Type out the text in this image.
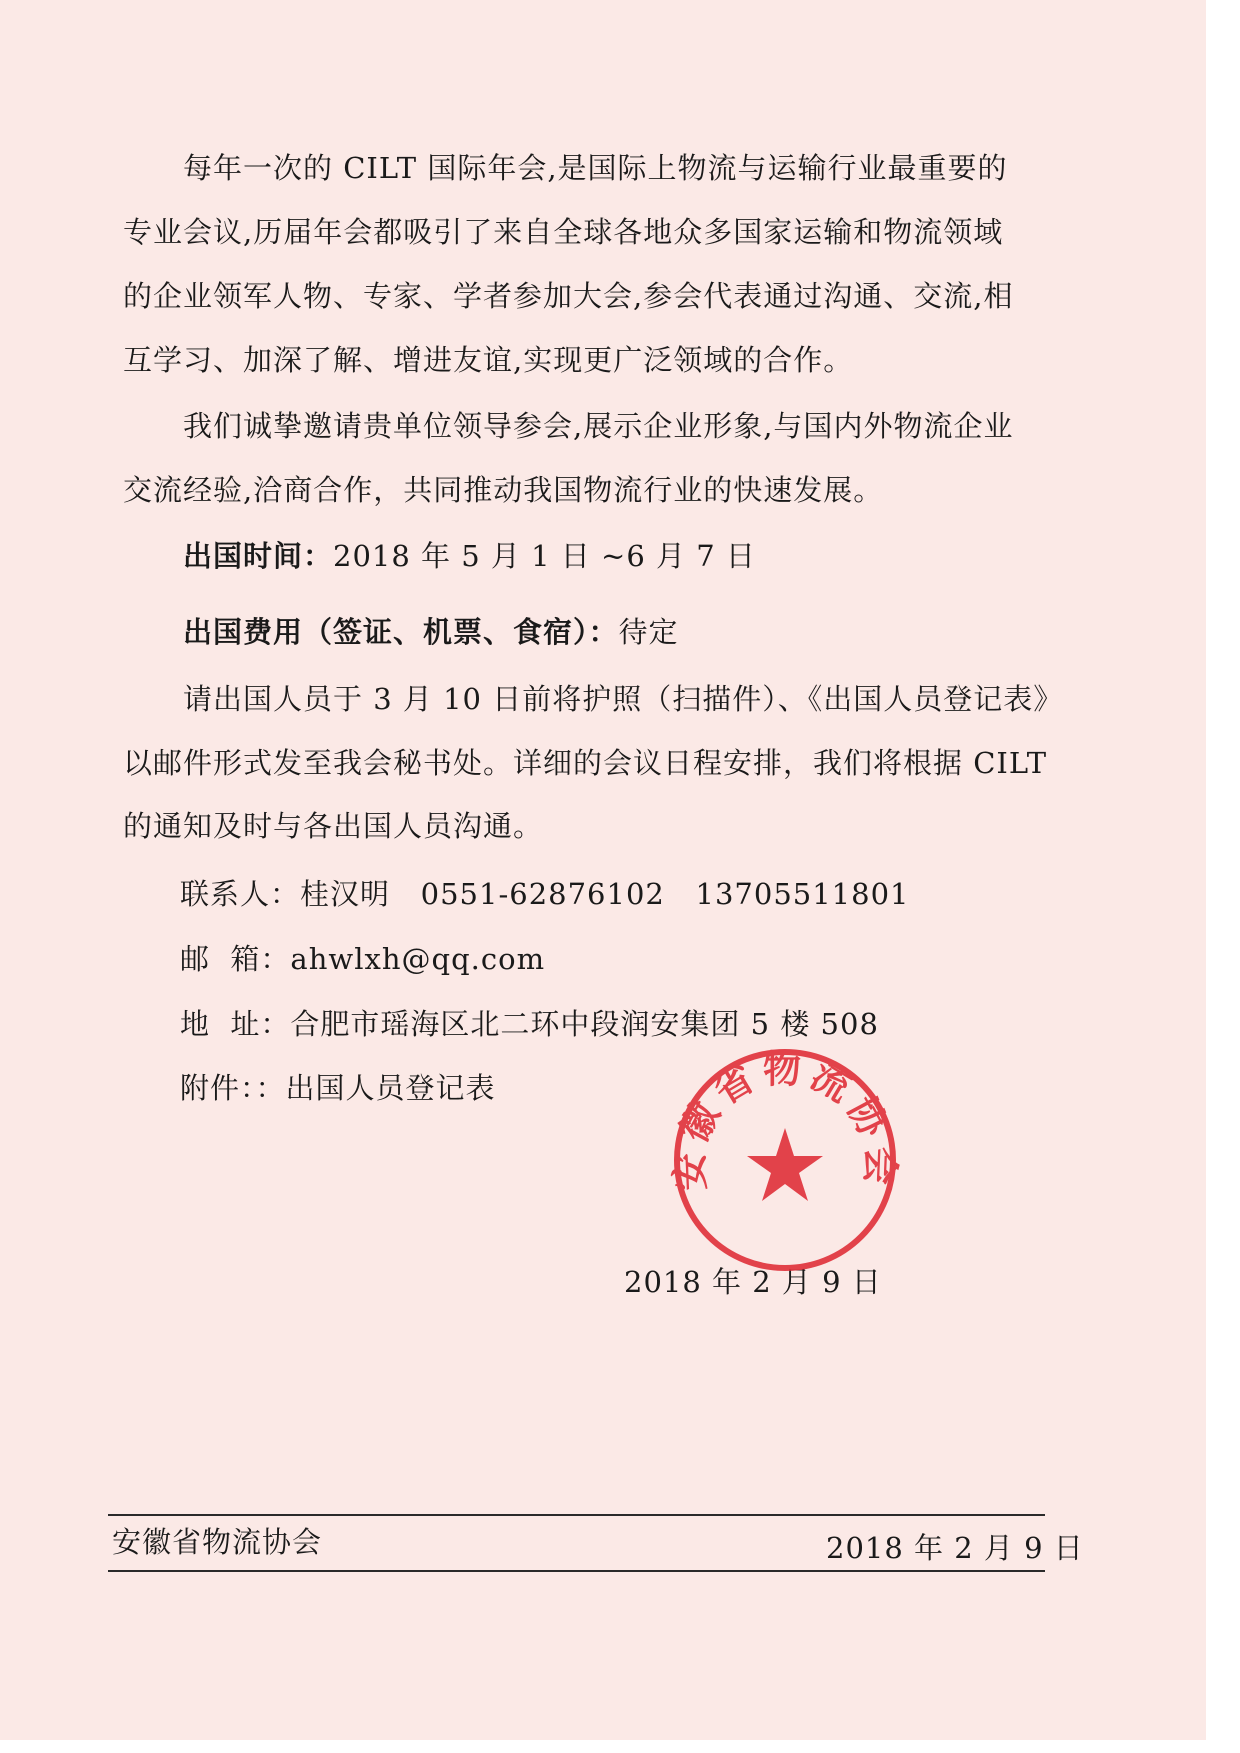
每年一次的 CILT 国际年会,是国际上物流与运输行业最重要的
专业会议,历届年会都吸引了来自全球各地众多国家运输和物流领域
的企业领军人物、专家、学者参加大会,参会代表通过沟通、交流,相
互学习、加深了解、增进友谊,实现更广泛领域的合作。
我们诚挚邀请贵单位领导参会,展示企业形象,与国内外物流企业
交流经验,洽商合作，共同推动我国物流行业的快速发展。
出国时间：2018 年 5 月 1 日 ~6 月 7 日
出国费用（签证、机票、食宿）：待定
请出国人员于 3 月 10 日前将护照（扫描件）、《出国人员登记表》
以邮件形式发至我会秘书处。详细的会议日程安排，我们将根据 CILT
的通知及时与各出国人员沟通。
联系人：桂汉明   0551-62876102   13705511801
邮  箱：ahwlxh@qq.com
地  址：合肥市瑶海区北二环中段润安集团 5 楼 508
附件：：出国人员登记表
2018 年 2 月 9 日
安徽省物流协会
安徽省物流协会	2018 年 2 月 9 日
